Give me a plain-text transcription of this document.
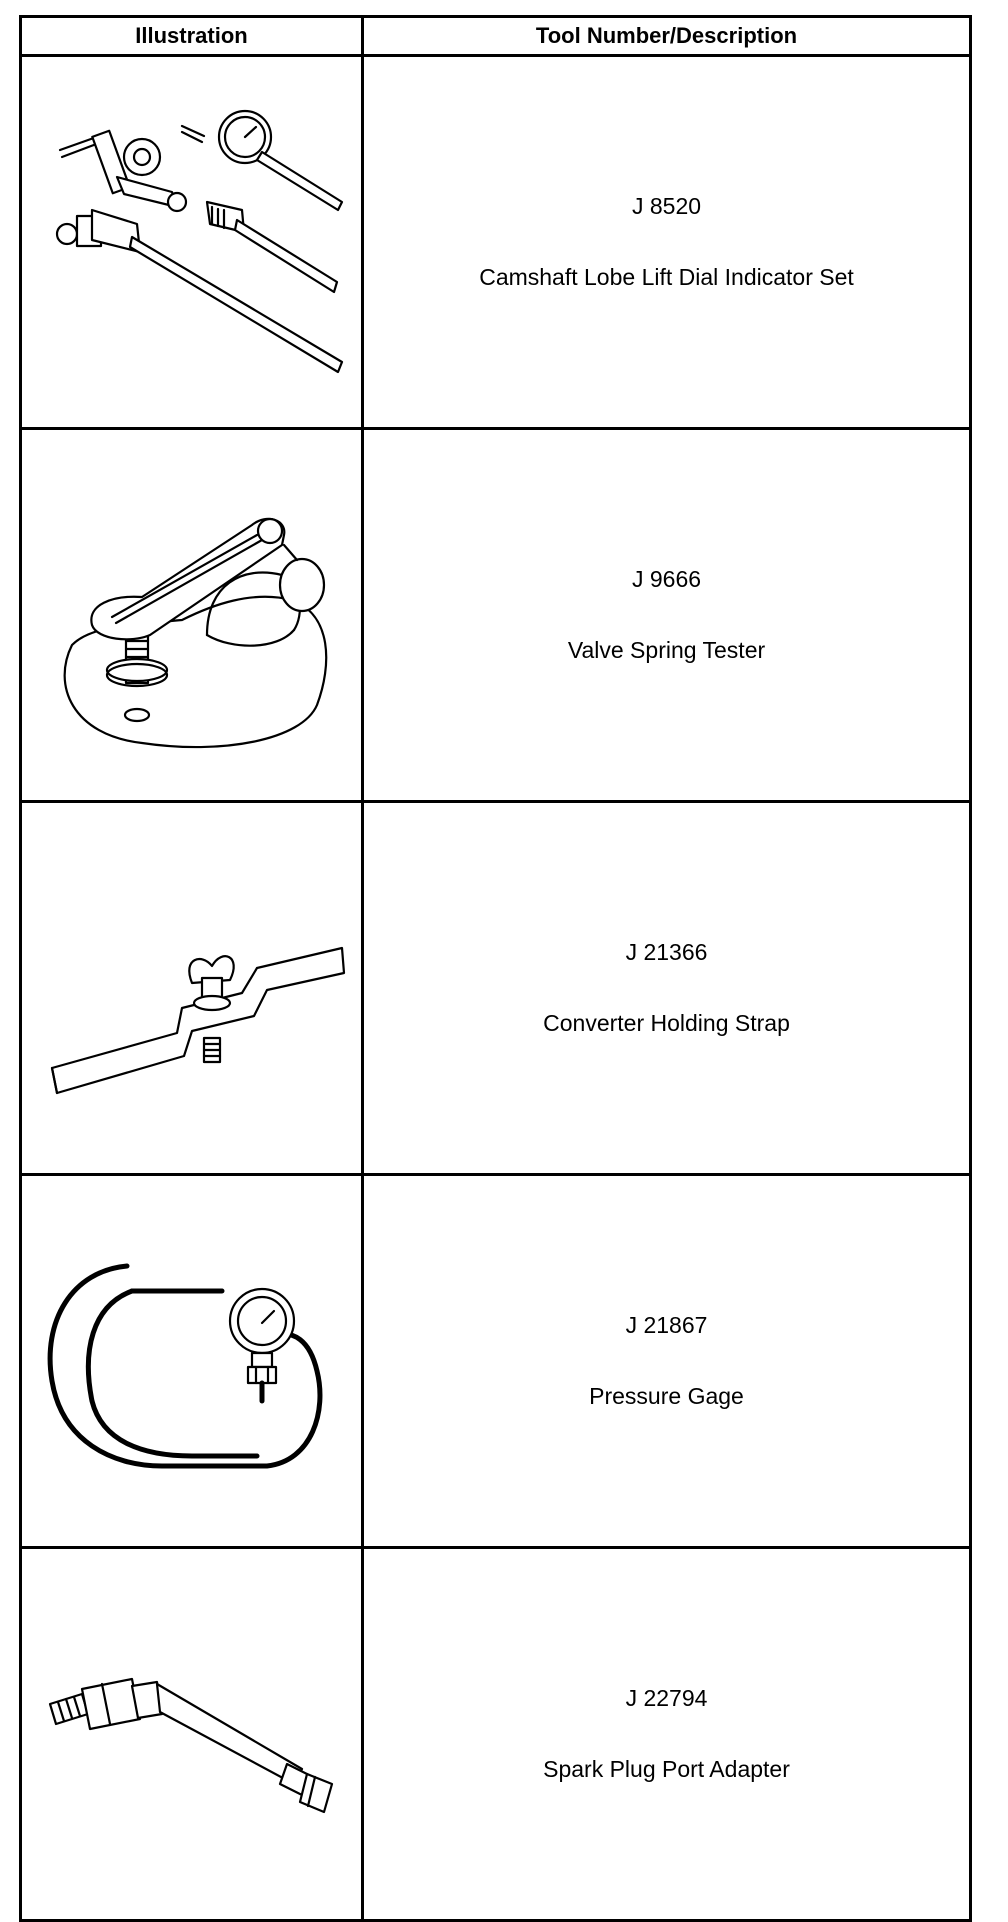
Illustration	Tool Number/Description

J 8520
Camshaft Lobe Lift Dial Indicator Set

J 9666
Valve Spring Tester

J 21366
Converter Holding Strap

J 21867
Pressure Gage

J 22794
Spark Plug Port Adapter
